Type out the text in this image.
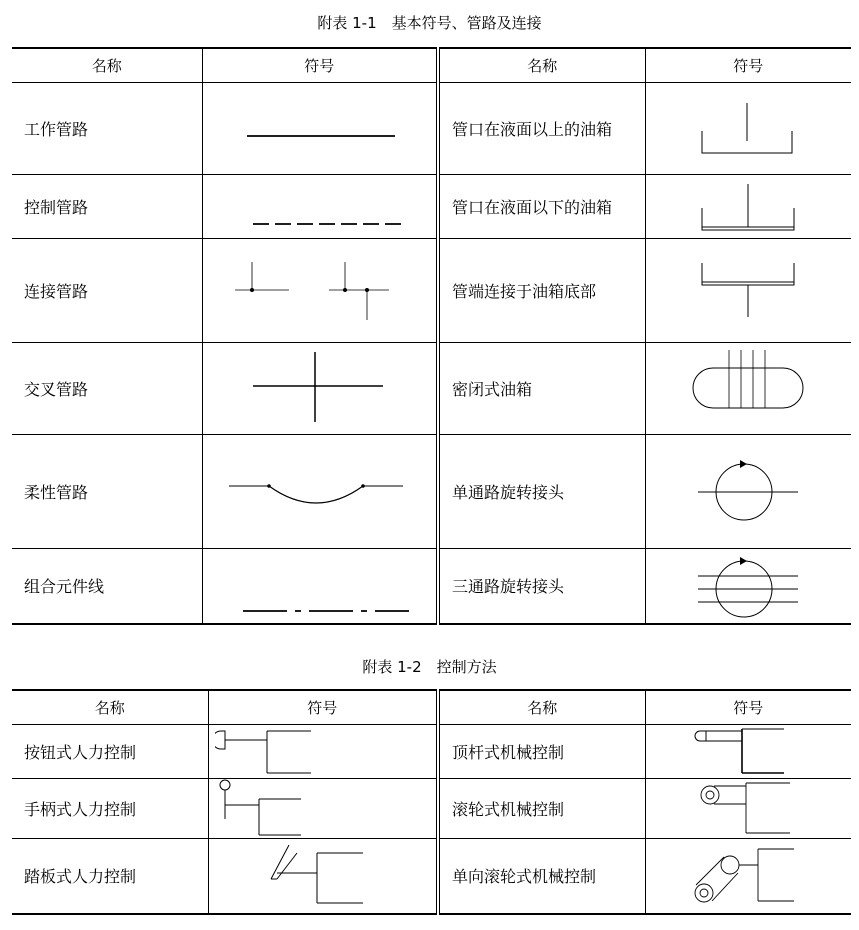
附表 1-1　基本符号、管路及连接
名称	符号	名称	符号
工作管路		管口在液面以上的油箱	

控制管路		管口在液面以下的油箱	

连接管路		管端连接于油箱底部	

交叉管路		密闭式油箱	

柔性管路		单通路旋转接头	

组合元件线		三通路旋转接头	
附表 1-2　控制方法
名称	符号	名称	符号
按钮式人力控制		顶杆式机械控制	

手柄式人力控制		滚轮式机械控制	

踏板式人力控制		单向滚轮式机械控制	
